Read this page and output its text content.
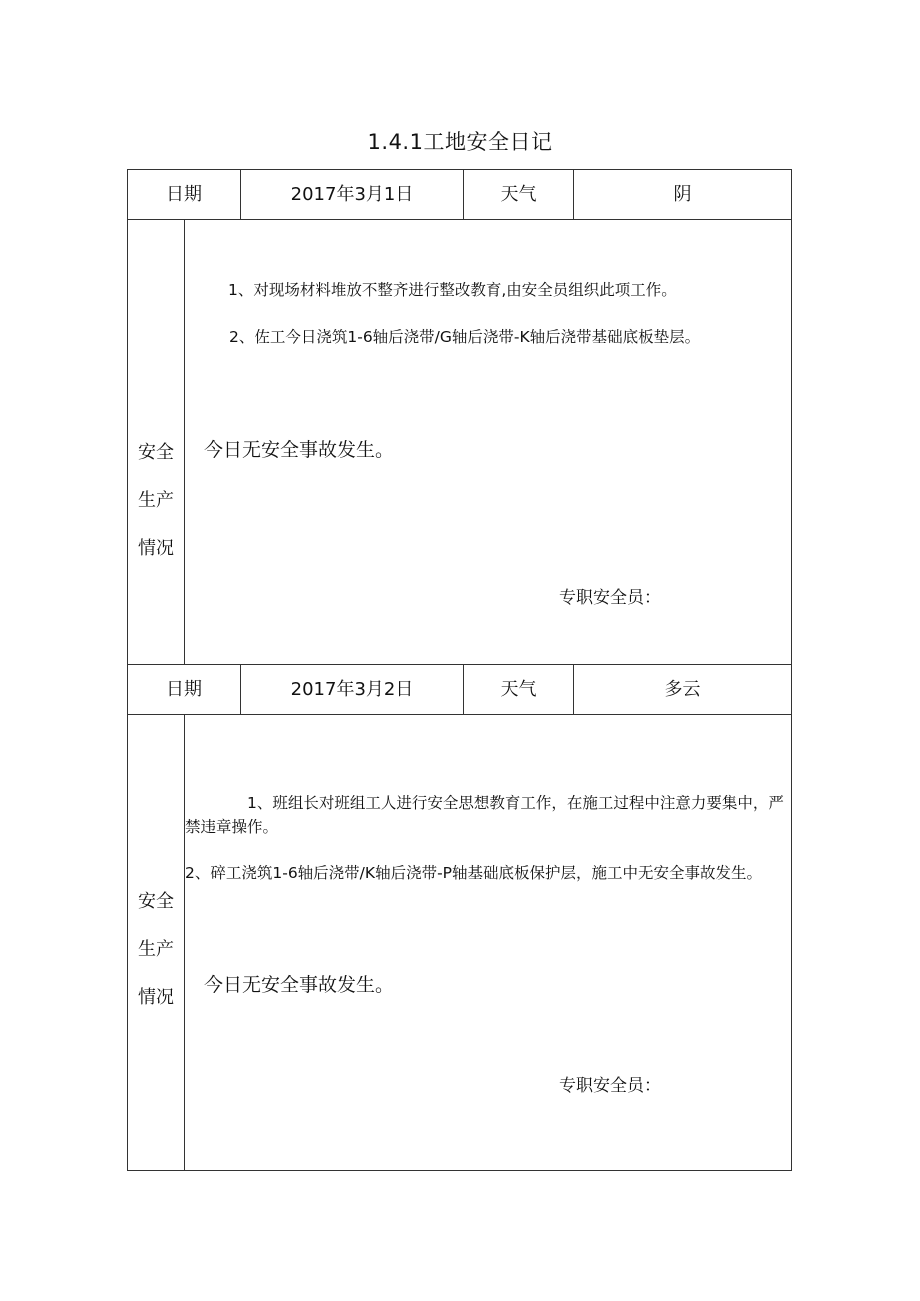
1.4.1工地安全日记
日期	2017年3月1日	天气	阴
安全
生产
情况
1、对现场材料堆放不整齐进行整改教育,由安全员组织此项工作。
2、佐工今日浇筑1-6轴后浇带/G轴后浇带-K轴后浇带基础底板垫层。
今日无安全事故发生。
专职安全员：
日期	2017年3月2日	天气	多云
安全
生产
情况
1、班组长对班组工人进行安全思想教育工作，在施工过程中注意力要集中，严禁违章操作。
2、碎工浇筑1-6轴后浇带/K轴后浇带-P轴基础底板保护层，施工中无安全事故发生。
今日无安全事故发生。
专职安全员：
